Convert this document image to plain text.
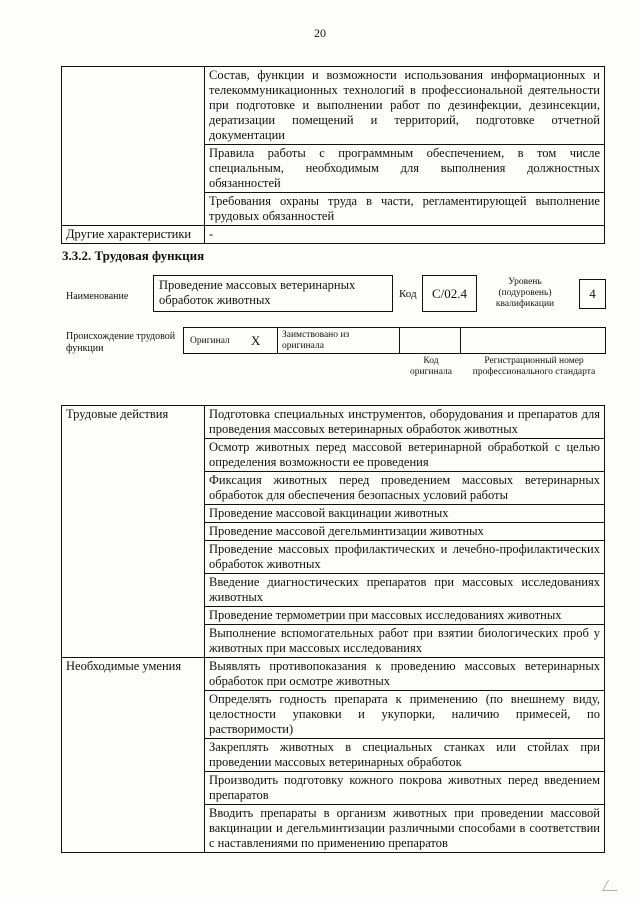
20
	Состав, функции и возможности использования информационных и телекоммуникационных технологий в профессиональной деятельности при подготовке и выполнении работ по дезинфекции, дезинсекции, дератизации помещений и территорий, подготовке отчетной документации
	Правила работы с программным обеспечением, в том числе специальным, необходимым для выполнения должностных обязанностей
	Требования охраны труда в части, регламентирующей выполнение трудовых обязанностей
Другие характеристики	-
3.3.2. Трудовая функция
Наименование
Проведение массовых ветеринарных обработок животных	Код	C/02.4
Уровень (подуровень) квалификации
4
Происхождение трудовой функции
Оригинал X Заимствовано из оригинала
Код оригинала
Регистрационный номер профессионального стандарта
Трудовые действия	Подготовка специальных инструментов, оборудования и препаратов для проведения массовых ветеринарных обработок животных
	Осмотр животных перед массовой ветеринарной обработкой с целью определения возможности ее проведения
	Фиксация животных перед проведением массовых ветеринарных обработок для обеспечения безопасных условий работы
	Проведение массовой вакцинации животных
	Проведение массовой дегельминтизации животных
	Проведение массовых профилактических и лечебно-профилактических обработок животных
	Введение диагностических препаратов при массовых исследованиях животных
	Проведение термометрии при массовых исследованиях животных
	Выполнение вспомогательных работ при взятии биологических проб у животных при массовых исследованиях
Необходимые умения	Выявлять противопоказания к проведению массовых ветеринарных обработок при осмотре животных
	Определять годность препарата к применению (по внешнему виду, целостности упаковки и укупорки, наличию примесей, по растворимости)
	Закреплять животных в специальных станках или стойлах при проведении массовых ветеринарных обработок
	Производить подготовку кожного покрова животных перед введением препаратов
	Вводить препараты в организм животных при проведении массовой вакцинации и дегельминтизации различными способами в соответствии с наставлениями по применению препаратов
